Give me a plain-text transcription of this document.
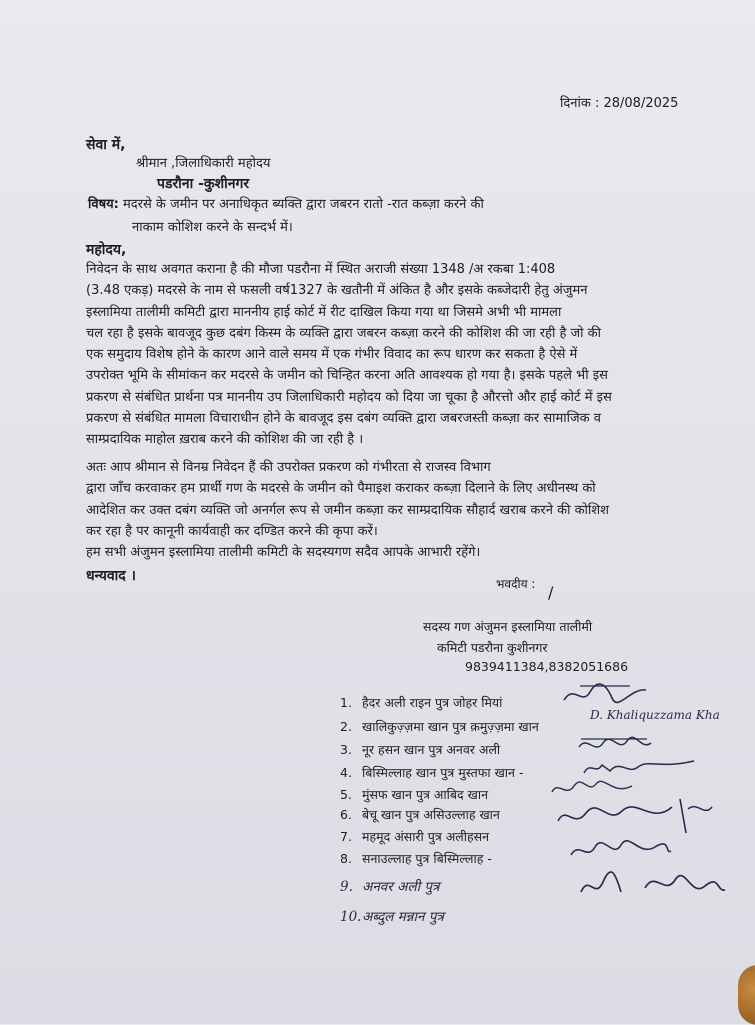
दिनांक : 28/08/2025
सेवा में,
श्रीमान ,जिलाधिकारी महोदय
पडरौना -कुशीनगर
विषय: मदरसे के जमीन पर अनाधिकृत ब्यक्ति द्वारा जबरन रातो -रात कब्ज़ा करने की
नाकाम कोशिश करने के सन्दर्भ में।
महोदय,
निवेदन के साथ अवगत कराना है की मौजा पडरौना में स्थित अराजी संख्या 1348 /अ रकबा 1:408
(3.48 एकड़) मदरसे के नाम से फसली वर्ष1327 के खतौनी में अंकित है और इसके कब्जेदारी हेतु अंजुमन
इस्लामिया तालीमी कमिटी द्वारा माननीय हाई कोर्ट में रीट दाखिल किया गया था जिसमे अभी भी मामला
चल रहा है इसके बावजूद कुछ दबंग किस्म के व्यक्ति द्वारा जबरन कब्ज़ा करने की कोशिश की जा रही है जो की
एक समुदाय विशेष होने के कारण आने वाले समय में एक गंभीर विवाद का रूप धारण कर सकता है ऐसे में
उपरोक्त भूमि के सीमांकन कर मदरसे के जमीन को चिन्हित करना अति आवश्यक हो गया है। इसके पहले भी इस
प्रकरण से संबंधित प्रार्थना पत्र माननीय उप जिलाधिकारी महोदय को दिया जा चूका है औरत्तो और हाई कोर्ट में इस
प्रकरण से संबंधित मामला विचाराधीन होने के बावजूद इस दबंग व्यक्ति द्वारा जबरजस्ती कब्ज़ा कर सामाजिक व
साम्प्रदायिक माहोल ख़राब करने की कोशिश की जा रही है ।
अतः आप श्रीमान से विनम्र निवेदन हैं की उपरोक्त प्रकरण को गंभीरता से राजस्व विभाग
द्वारा जाँच करवाकर हम प्रार्थी गण के मदरसे के जमीन को पैमाइश कराकर कब्ज़ा दिलाने के लिए अधीनस्थ को
आदेशित कर उक्त दबंग व्यक्ति जो अनर्गल रूप से जमीन कब्ज़ा कर साम्प्रदायिक सौहार्द खराब करने की कोशिश
कर रहा है पर कानूनी कार्यवाही कर दण्डित करने की कृपा करें।
हम सभी अंजुमन इस्लामिया तालीमी कमिटी के सदस्यगण सदैव आपके आभारी रहेंगे।
धन्यवाद ।	भवदीय : /
सदस्य गण अंजुमन इस्लामिया तालीमी
कमिटी पडरौना कुशीनगर
9839411384,8382051686
1. हैदर अली राइन पुत्र जोहर मियां
2. खालिकुज़्ज़मा खान पुत्र क़मुज़्ज़मा खान
3. नूर हसन खान पुत्र अनवर अली
4. बिस्मिल्लाह खान पुत्र मुस्तफा खान -
5. मुंसफ खान पुत्र आबिद खान
6. बेचू खान पुत्र असिउल्लाह खान
7. महमूद अंसारी पुत्र अलीहसन
8. सनाउल्लाह पुत्र बिस्मिल्लाह -
9. अनवर अली पुत्र
10.अब्दुल मन्नान पुत्र
D. Khaliquzzama Kha
